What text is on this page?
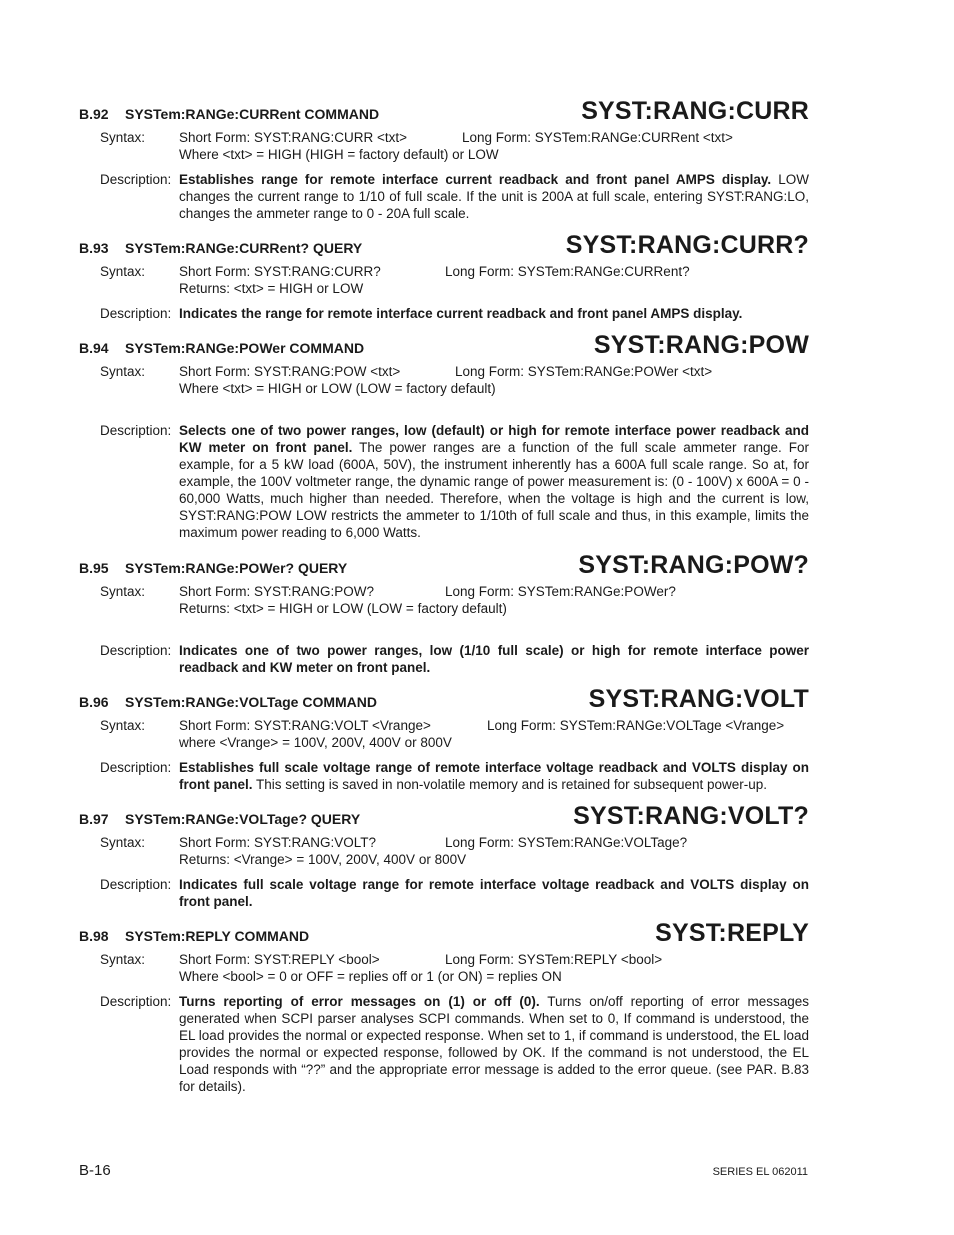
B.92 SYSTem:RANGe:CURRent COMMAND	SYST:RANG:CURR
Syntax:	Short Form: SYST:RANG:CURR <txt>	Long Form: SYSTem:RANGe:CURRent <txt>
Where <txt> = HIGH (HIGH = factory default) or LOW
Description: Establishes range for remote interface current readback and front panel AMPS display. LOW changes the current range to 1/10 of full scale. If the unit is 200A at full scale, entering SYST:RANG:LO, changes the ammeter range to 0 - 20A full scale.
B.93 SYSTem:RANGe:CURRent? QUERY	SYST:RANG:CURR?
Syntax:	Short Form: SYST:RANG:CURR?	Long Form: SYSTem:RANGe:CURRent?
Returns: <txt> = HIGH or LOW
Description: Indicates the range for remote interface current readback and front panel AMPS display.
B.94 SYSTem:RANGe:POWer COMMAND	SYST:RANG:POW
Syntax:	Short Form: SYST:RANG:POW <txt>	Long Form: SYSTem:RANGe:POWer <txt>
Where <txt> = HIGH or LOW (LOW = factory default)
Description: Selects one of two power ranges, low (default) or high for remote interface power readback and KW meter on front panel. The power ranges are a function of the full scale ammeter range. For example, for a 5 kW load (600A, 50V), the instrument inherently has a 600A full scale range. So at, for example, the 100V voltmeter range, the dynamic range of power measurement is: (0 - 100V) x 600A = 0 - 60,000 Watts, much higher than needed. Therefore, when the voltage is high and the current is low, SYST:RANG:POW LOW restricts the ammeter to 1/10th of full scale and thus, in this example, limits the maximum power reading to 6,000 Watts.
B.95 SYSTem:RANGe:POWer? QUERY	SYST:RANG:POW?
Syntax:	Short Form: SYST:RANG:POW?	Long Form: SYSTem:RANGe:POWer?
Returns: <txt> = HIGH or LOW (LOW = factory default)
Description: Indicates one of two power ranges, low (1/10 full scale) or high for remote interface power readback and KW meter on front panel.
B.96 SYSTem:RANGe:VOLTage COMMAND	SYST:RANG:VOLT
Syntax:	Short Form: SYST:RANG:VOLT <Vrange>	Long Form: SYSTem:RANGe:VOLTage <Vrange>
where <Vrange> = 100V, 200V, 400V or 800V
Description: Establishes full scale voltage range of remote interface voltage readback and VOLTS display on front panel. This setting is saved in non-volatile memory and is retained for subsequent power-up.
B.97 SYSTem:RANGe:VOLTage? QUERY	SYST:RANG:VOLT?
Syntax:	Short Form: SYST:RANG:VOLT?	Long Form: SYSTem:RANGe:VOLTage?
Returns: <Vrange> = 100V, 200V, 400V or 800V
Description: Indicates full scale voltage range for remote interface voltage readback and VOLTS display on front panel.
B.98 SYSTem:REPLY COMMAND	SYST:REPLY
Syntax:	Short Form: SYST:REPLY <bool>	Long Form: SYSTem:REPLY <bool>
Where <bool> = 0 or OFF = replies off or 1 (or ON) = replies ON
Description: Turns reporting of error messages on (1) or off (0). Turns on/off reporting of error messages generated when SCPI parser analyses SCPI commands. When set to 0, If command is understood, the EL load provides the normal or expected response. When set to 1, if command is understood, the EL load provides the normal or expected response, followed by OK. If the command is not understood, the EL Load responds with “??” and the appropriate error message is added to the error queue. (see PAR. B.83 for details).
B-16	SERIES EL 062011
